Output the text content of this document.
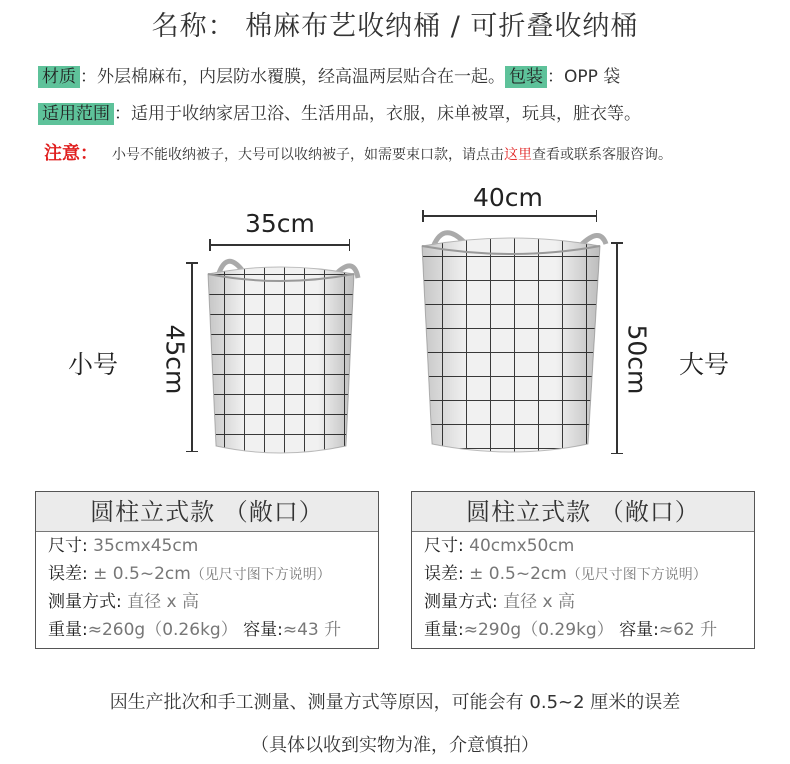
名称： 棉麻布艺收纳桶 / 可折叠收纳桶
材质 ：外层棉麻布，内层防水覆膜，经高温两层贴合在一起。 包装 ：OPP 袋
适用范围 ：适用于收纳家居卫浴、生活用品，衣服，床单被罩，玩具，脏衣等。
注意： 小号不能收纳被子，大号可以收纳被子，如需要束口款，请点击这里查看或联系客服咨询。
35cm
45cm
小号
40cm
50cm 大号
圆柱立式款 （敞口）
尺寸: 35cmx45cm
误差: ± 0.5~2cm（见尺寸图下方说明）
测量方式: 直径 x 高
重量:≈260g（0.26kg） 容量:≈43 升
圆柱立式款 （敞口）
尺寸: 40cmx50cm
误差: ± 0.5~2cm（见尺寸图下方说明）
测量方式: 直径 x 高
重量:≈290g（0.29kg） 容量:≈62 升
因生产批次和手工测量、测量方式等原因，可能会有 0.5~2 厘米的误差
（具体以收到实物为准，介意慎拍）
